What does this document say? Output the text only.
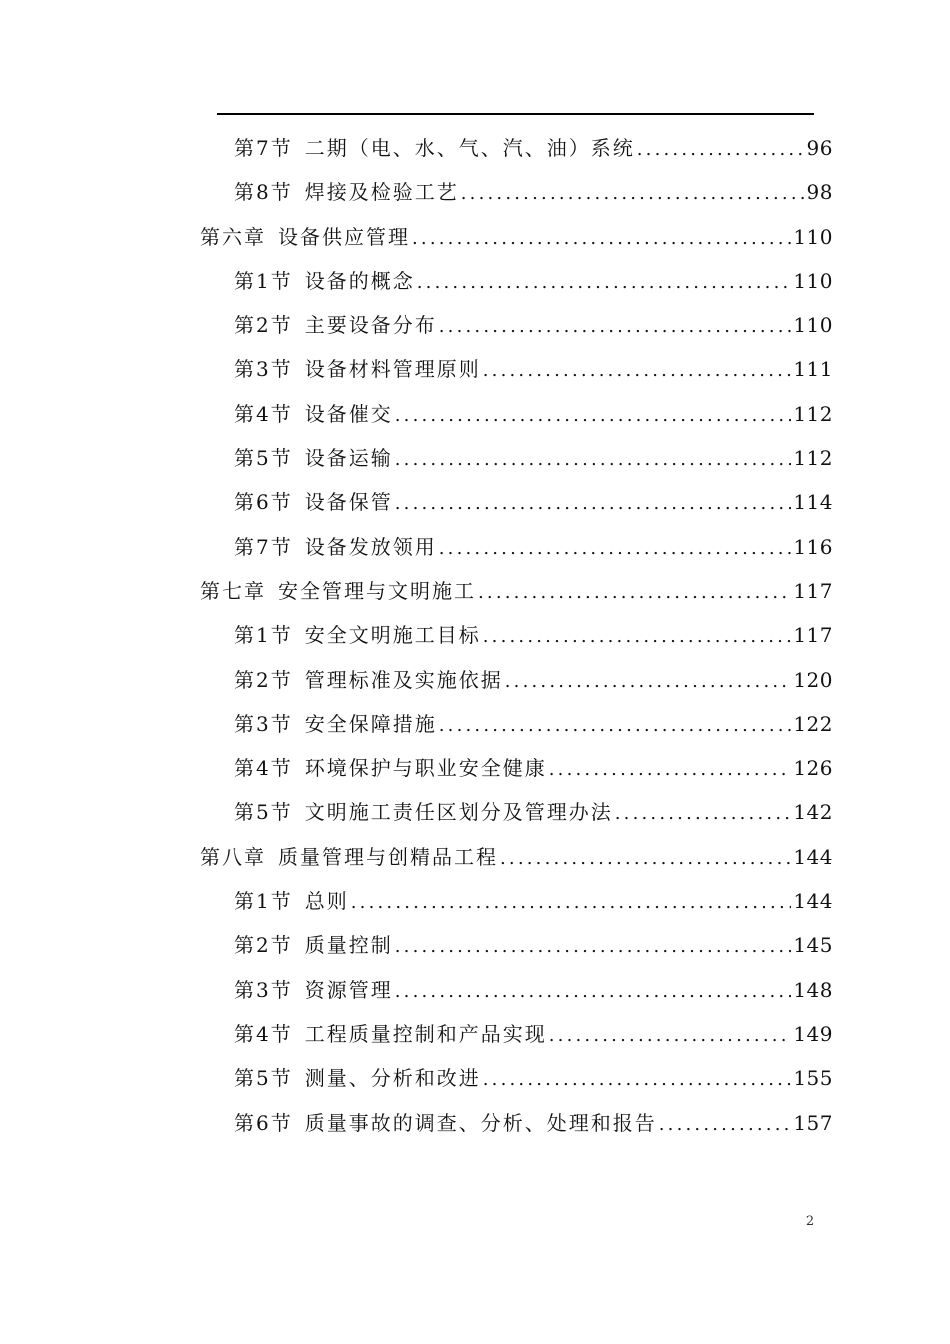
第7节 二期（电、水、气、汽、油）系统 .....	96
第8节 焊接及检验工艺 .....	98
第六章 设备供应管理 .....	110
第1节 设备的概念 .....	110
第2节 主要设备分布 .....	110
第3节 设备材料管理原则 .....	111
第4节 设备催交 .....	112
第5节 设备运输 .....	112
第6节 设备保管 .....	114
第7节 设备发放领用 .....	116
第七章 安全管理与文明施工 .....	117
第1节 安全文明施工目标 .....	117
第2节 管理标准及实施依据 .....	120
第3节 安全保障措施 .....	122
第4节 环境保护与职业安全健康 .....	126
第5节 文明施工责任区划分及管理办法 .....	142
第八章 质量管理与创精品工程 .....	144
第1节 总则 .....	144
第2节 质量控制 .....	145
第3节 资源管理 .....	148
第4节 工程质量控制和产品实现 .....	149
第5节 测量、分析和改进 .....	155
第6节 质量事故的调查、分析、处理和报告 .....	157
2
